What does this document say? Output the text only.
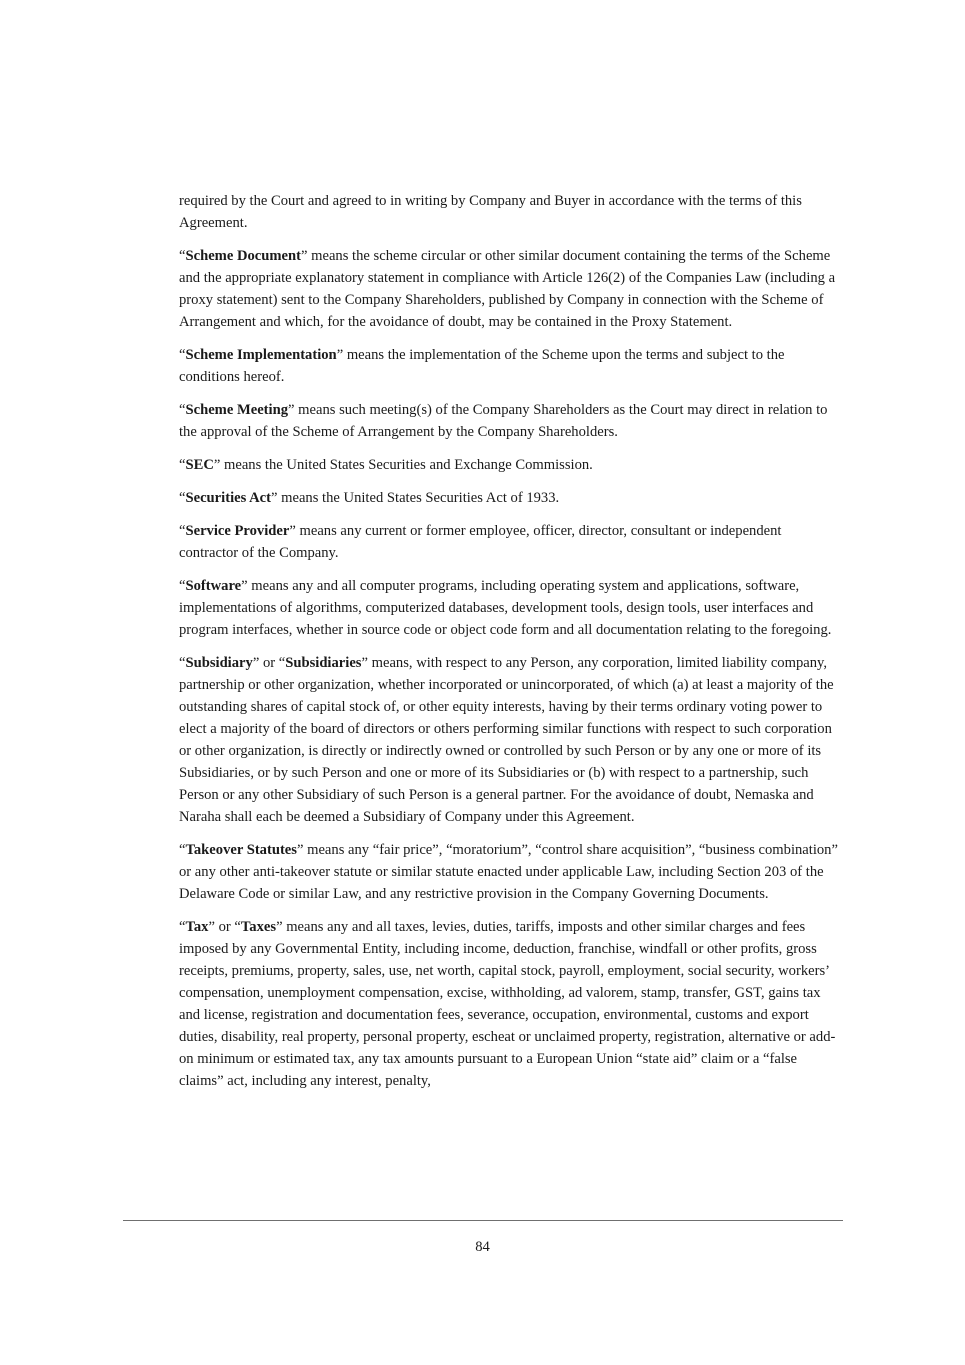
required by the Court and agreed to in writing by Company and Buyer in accordance with the terms of this Agreement.

“Scheme Document” means the scheme circular or other similar document containing the terms of the Scheme and the appropriate explanatory statement in compliance with Article 126(2) of the Companies Law (including a proxy statement) sent to the Company Shareholders, published by Company in connection with the Scheme of Arrangement and which, for the avoidance of doubt, may be contained in the Proxy Statement.

“Scheme Implementation” means the implementation of the Scheme upon the terms and subject to the conditions hereof.

“Scheme Meeting” means such meeting(s) of the Company Shareholders as the Court may direct in relation to the approval of the Scheme of Arrangement by the Company Shareholders.

“SEC” means the United States Securities and Exchange Commission.

“Securities Act” means the United States Securities Act of 1933.

“Service Provider” means any current or former employee, officer, director, consultant or independent contractor of the Company.

“Software” means any and all computer programs, including operating system and applications, software, implementations of algorithms, computerized databases, development tools, design tools, user interfaces and program interfaces, whether in source code or object code form and all documentation relating to the foregoing.

“Subsidiary” or “Subsidiaries” means, with respect to any Person, any corporation, limited liability company, partnership or other organization, whether incorporated or unincorporated, of which (a) at least a majority of the outstanding shares of capital stock of, or other equity interests, having by their terms ordinary voting power to elect a majority of the board of directors or others performing similar functions with respect to such corporation or other organization, is directly or indirectly owned or controlled by such Person or by any one or more of its Subsidiaries, or by such Person and one or more of its Subsidiaries or (b) with respect to a partnership, such Person or any other Subsidiary of such Person is a general partner. For the avoidance of doubt, Nemaska and Naraha shall each be deemed a Subsidiary of Company under this Agreement.

“Takeover Statutes” means any “fair price”, “moratorium”, “control share acquisition”, “business combination” or any other anti-takeover statute or similar statute enacted under applicable Law, including Section 203 of the Delaware Code or similar Law, and any restrictive provision in the Company Governing Documents.

“Tax” or “Taxes” means any and all taxes, levies, duties, tariffs, imposts and other similar charges and fees imposed by any Governmental Entity, including income, deduction, franchise, windfall or other profits, gross receipts, premiums, property, sales, use, net worth, capital stock, payroll, employment, social security, workers’ compensation, unemployment compensation, excise, withholding, ad valorem, stamp, transfer, GST, gains tax and license, registration and documentation fees, severance, occupation, environmental, customs and export duties, disability, real property, personal property, escheat or unclaimed property, registration, alternative or add-on minimum or estimated tax, any tax amounts pursuant to a European Union “state aid” claim or a “false claims” act, including any interest, penalty,

84
